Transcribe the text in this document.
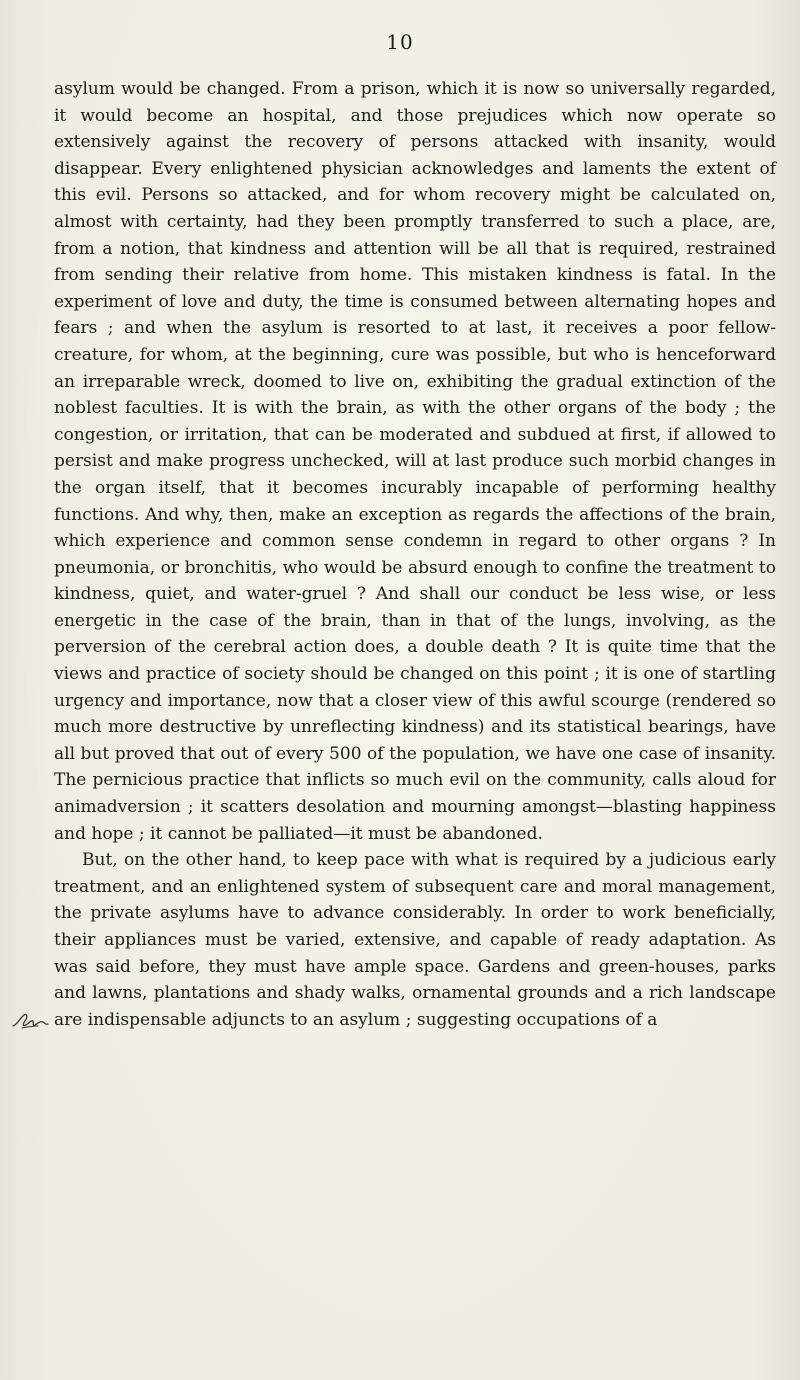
10

asylum would be changed. From a prison, which it is now so universally regarded, it would become an hospital, and those prejudices which now operate so extensively against the recovery of persons attacked with insanity, would disappear. Every enlightened physician acknowledges and laments the extent of this evil. Persons so attacked, and for whom recovery might be calculated on, almost with certainty, had they been promptly transferred to such a place, are, from a notion, that kindness and attention will be all that is required, restrained from sending their relative from home. This mistaken kindness is fatal. In the experiment of love and duty, the time is consumed between alternating hopes and fears ; and when the asylum is resorted to at last, it receives a poor fellow-creature, for whom, at the beginning, cure was possible, but who is henceforward an irreparable wreck, doomed to live on, exhibiting the gradual extinction of the noblest faculties. It is with the brain, as with the other organs of the body ; the congestion, or irritation, that can be moderated and subdued at first, if allowed to persist and make progress unchecked, will at last produce such morbid changes in the organ itself, that it becomes incurably incapable of performing healthy functions. And why, then, make an exception as regards the affections of the brain, which experience and common sense condemn in regard to other organs ? In pneumonia, or bronchitis, who would be absurd enough to confine the treatment to kindness, quiet, and water-gruel ? And shall our conduct be less wise, or less energetic in the case of the brain, than in that of the lungs, involving, as the perversion of the cerebral action does, a double death ? It is quite time that the views and practice of society should be changed on this point ; it is one of startling urgency and importance, now that a closer view of this awful scourge (rendered so much more destructive by unreflecting kindness) and its statistical bearings, have all but proved that out of every 500 of the population, we have one case of insanity. The pernicious practice that inflicts so much evil on the community, calls aloud for animadversion ; it scatters desolation and mourning amongst—blasting happiness and hope ; it cannot be palliated—it must be abandoned.

But, on the other hand, to keep pace with what is required by a judicious early treatment, and an enlightened system of subsequent care and moral management, the private asylums have to advance considerably. In order to work beneficially, their appliances must be varied, extensive, and capable of ready adaptation. As was said before, they must have ample space. Gardens and green-houses, parks and lawns, plantations and shady walks, ornamental grounds and a rich landscape are indispensable adjuncts to an asylum ; suggesting occupations of a
